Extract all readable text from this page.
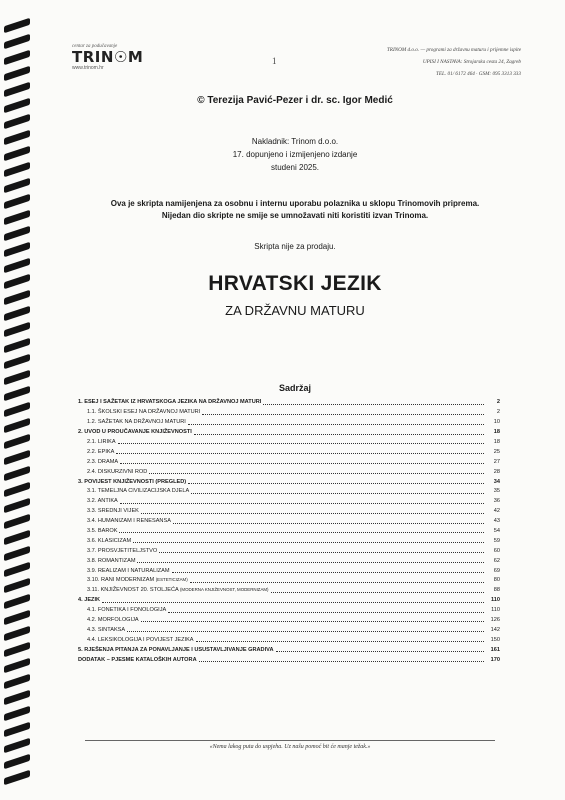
centar za podučavanje
TRIN☉M
www.trinom.hr
1
TRINOM d.o.o. — programi za državnu maturu i prijemne ispite
UPISI I NASTAVA: Strojarska cesta 24, Zagreb
TEL. 01/ 6172 464 · GSM: 095 3313 333
© Terezija Pavić-Pezer i dr. sc. Igor Medić
Nakladnik: Trinom d.o.o.
17. dopunjeno i izmijenjeno izdanje
studeni 2025.
Ova je skripta namijenjena za osobnu i internu uporabu polaznika u sklopu Trinomovih priprema.
Nijedan dio skripte ne smije se umnožavati niti koristiti izvan Trinoma.
Skripta nije za prodaju.
HRVATSKI JEZIK
ZA DRŽAVNU MATURU
Sadržaj
1. ESEJ I SAŽETAK IZ HRVATSKOGA JEZIKA NA DRŽAVNOJ MATURI	2
1.1. ŠKOLSKI ESEJ NA DRŽAVNOJ MATURI	2
1.2. SAŽETAK NA DRŽAVNOJ MATURI	10
2. UVOD U PROUČAVANJE KNJIŽEVNOSTI	18
2.1. LIRIKA	18
2.2. EPIKA	25
2.3. DRAMA	27
2.4. DISKURZIVNI ROD	28
3. POVIJEST KNJIŽEVNOSTI (PREGLED)	34
3.1. TEMELJNA CIVILIZACIJSKA DJELA	35
3.2. ANTIKA	36
3.3. SREDNJI VIJEK	42
3.4. HUMANIZAM I RENESANSA	43
3.5. BAROK	54
3.6. KLASICIZAM	59
3.7. PROSVJETITELJSTVO	60
3.8. ROMANTIZAM	62
3.9. REALIZAM I NATURALIZAM	69
3.10. RANI MODERNIZAM (ESTETICIZAM)	80
3.11. KNJIŽEVNOST 20. STOLJEĆA (MODERNA KNJIŽEVNOST, MODERNIZAM)	88
4. JEZIK	110
4.1. FONETIKA I FONOLOGIJA	110
4.2. MORFOLOGIJA	126
4.3. SINTAKSA	142
4.4. LEKSIKOLOGIJA I POVIJEST JEZIKA	150
5. RJEŠENJA PITANJA ZA PONAVLJANJE I USUSTAVLJIVANJE GRADIVA	161
DODATAK – PJESME KATALOŠKIH AUTORA	170
«Nema lakog puta do uspjeha. Uz našu pomoć bit će manje težak.»
